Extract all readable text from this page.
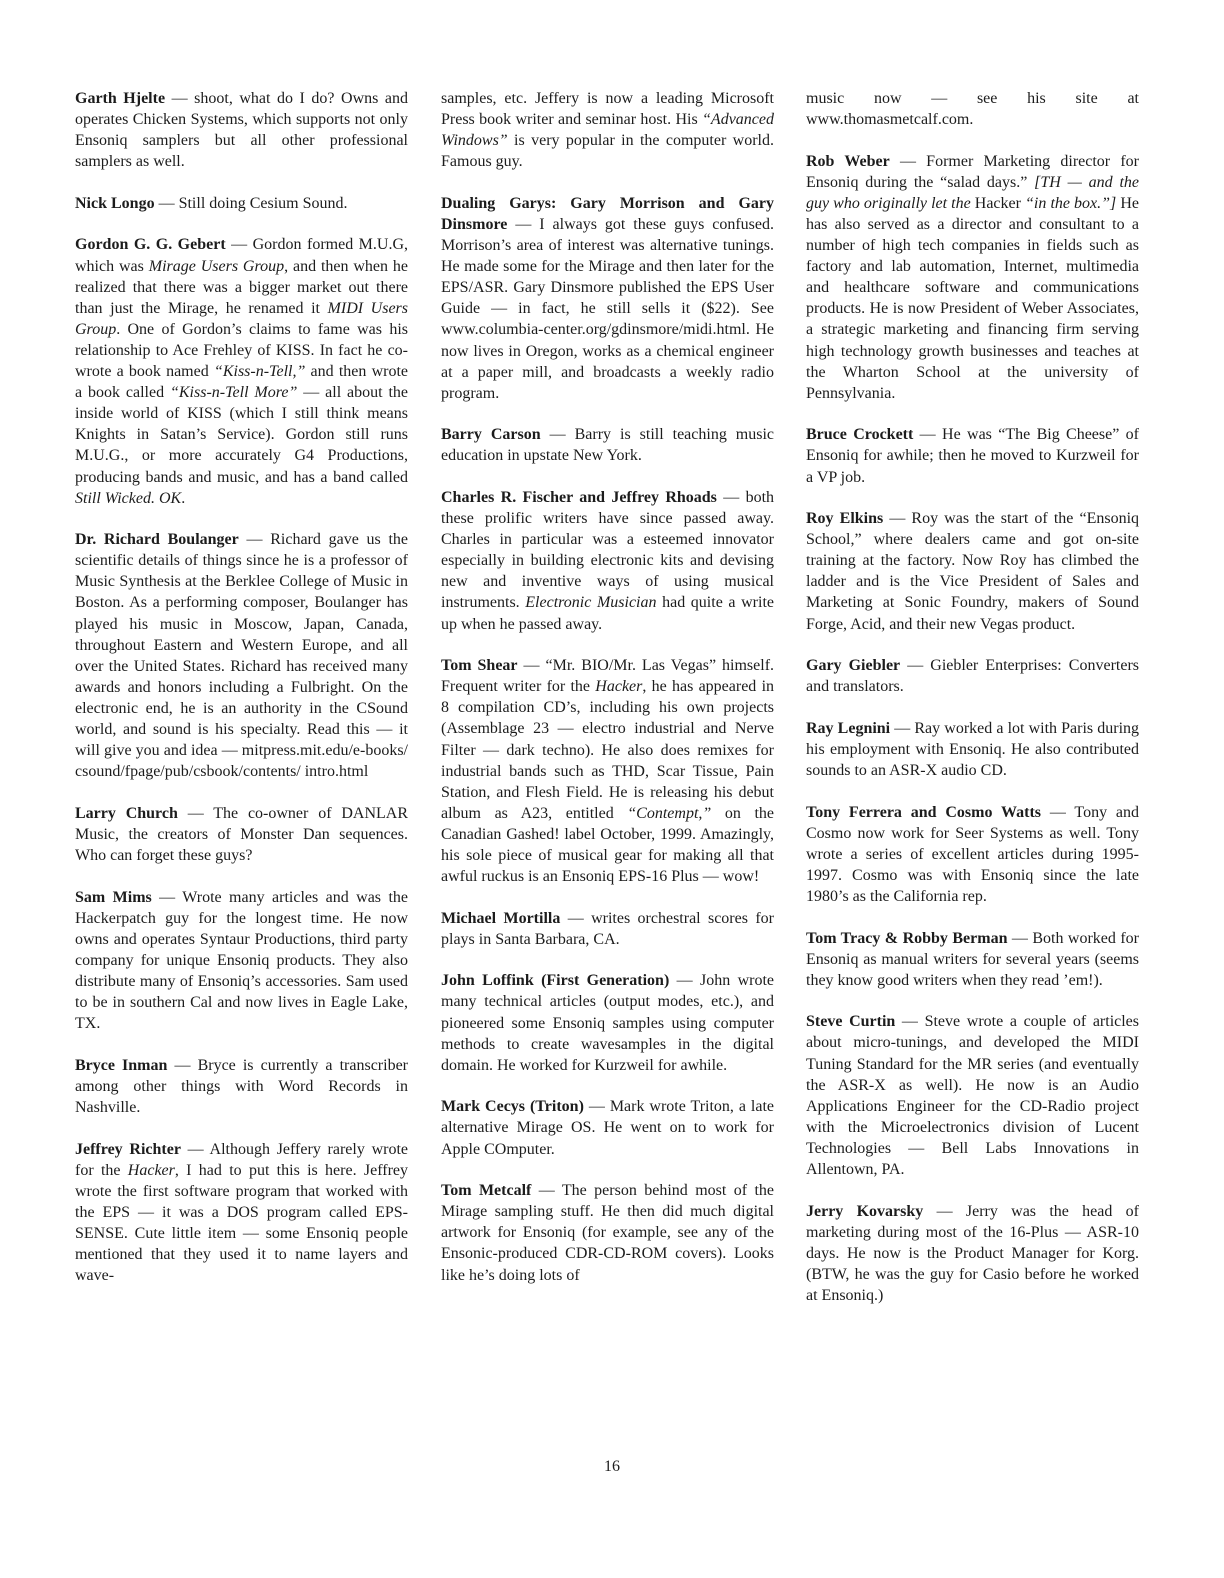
Garth Hjelte — shoot, what do I do? Owns and operates Chicken Systems, which supports not only Ensoniq samplers but all other professional samplers as well.

Nick Longo — Still doing Cesium Sound.

Gordon G. G. Gebert — Gordon formed M.U.G, which was Mirage Users Group, and then when he realized that there was a bigger market out there than just the Mirage, he renamed it MIDI Users Group. One of Gordon’s claims to fame was his relationship to Ace Frehley of KISS. In fact he co-wrote a book named “Kiss-n-Tell,” and then wrote a book called “Kiss-n-Tell More” — all about the inside world of KISS (which I still think means Knights in Satan’s Service). Gordon still runs M.U.G., or more accurately G4 Productions, producing bands and music, and has a band called Still Wicked. OK.

Dr. Richard Boulanger — Richard gave us the scientific details of things since he is a professor of Music Synthesis at the Berklee College of Music in Boston. As a performing composer, Boulanger has played his music in Moscow, Japan, Canada, throughout Eastern and Western Europe, and all over the United States. Richard has received many awards and honors including a Fulbright. On the electronic end, he is an authority in the CSound world, and sound is his specialty. Read this — it will give you and idea — mitpress.mit.edu/e-books/ csound/fpage/pub/csbook/contents/ intro.html

Larry Church — The co-owner of DANLAR Music, the creators of Monster Dan sequences. Who can forget these guys?

Sam Mims — Wrote many articles and was the Hackerpatch guy for the longest time. He now owns and operates Syntaur Productions, third party company for unique Ensoniq products. They also distribute many of Ensoniq’s accessories. Sam used to be in southern Cal and now lives in Eagle Lake, TX.

Bryce Inman — Bryce is currently a transcriber among other things with Word Records in Nashville.

Jeffrey Richter — Although Jeffery rarely wrote for the Hacker, I had to put this is here. Jeffrey wrote the first software program that worked with the EPS — it was a DOS program called EPS-SENSE. Cute little item — some Ensoniq people mentioned that they used it to name layers and wave-

samples, etc. Jeffery is now a leading Microsoft Press book writer and seminar host. His “Advanced Windows” is very popular in the computer world. Famous guy.

Dualing Garys: Gary Morrison and Gary Dinsmore — I always got these guys confused. Morrison’s area of interest was alternative tunings. He made some for the Mirage and then later for the EPS/ASR. Gary Dinsmore published the EPS User Guide — in fact, he still sells it ($22). See www.columbia-center.org/gdinsmore/midi.html. He now lives in Oregon, works as a chemical engineer at a paper mill, and broadcasts a weekly radio program.

Barry Carson — Barry is still teaching music education in upstate New York.

Charles R. Fischer and Jeffrey Rhoads — both these prolific writers have since passed away. Charles in particular was a esteemed innovator especially in building electronic kits and devising new and inventive ways of using musical instruments. Electronic Musician had quite a write up when he passed away.

Tom Shear — “Mr. BIO/Mr. Las Vegas” himself. Frequent writer for the Hacker, he has appeared in 8 compilation CD’s, including his own projects (Assemblage 23 — electro industrial and Nerve Filter — dark techno). He also does remixes for industrial bands such as THD, Scar Tissue, Pain Station, and Flesh Field. He is releasing his debut album as A23, entitled “Contempt,” on the Canadian Gashed! label October, 1999. Amazingly, his sole piece of musical gear for making all that awful ruckus is an Ensoniq EPS-16 Plus — wow!

Michael Mortilla — writes orchestral scores for plays in Santa Barbara, CA.

John Loffink (First Generation) — John wrote many technical articles (output modes, etc.), and pioneered some Ensoniq samples using computer methods to create wavesamples in the digital domain. He worked for Kurzweil for awhile.

Mark Cecys (Triton) — Mark wrote Triton, a late alternative Mirage OS. He went on to work for Apple COmputer.

Tom Metcalf — The person behind most of the Mirage sampling stuff. He then did much digital artwork for Ensoniq (for example, see any of the Ensonic-produced CDR-CD-ROM covers). Looks like he’s doing lots of

music now — see his site at www.thomasmetcalf.com.

Rob Weber — Former Marketing director for Ensoniq during the “salad days.” [TH — and the guy who originally let the Hacker “in the box.”] He has also served as a director and consultant to a number of high tech companies in fields such as factory and lab automation, Internet, multimedia and healthcare software and communications products. He is now President of Weber Associates, a strategic marketing and financing firm serving high technology growth businesses and teaches at the Wharton School at the university of Pennsylvania.

Bruce Crockett — He was “The Big Cheese” of Ensoniq for awhile; then he moved to Kurzweil for a VP job.

Roy Elkins — Roy was the start of the “Ensoniq School,” where dealers came and got on-site training at the factory. Now Roy has climbed the ladder and is the Vice President of Sales and Marketing at Sonic Foundry, makers of Sound Forge, Acid, and their new Vegas product.

Gary Giebler — Giebler Enterprises: Converters and translators.

Ray Legnini — Ray worked a lot with Paris during his employment with Ensoniq. He also contributed sounds to an ASR-X audio CD.

Tony Ferrera and Cosmo Watts — Tony and Cosmo now work for Seer Systems as well. Tony wrote a series of excellent articles during 1995-1997. Cosmo was with Ensoniq since the late 1980’s as the California rep.

Tom Tracy & Robby Berman — Both worked for Ensoniq as manual writers for several years (seems they know good writers when they read ’em!).

Steve Curtin — Steve wrote a couple of articles about micro-tunings, and developed the MIDI Tuning Standard for the MR series (and eventually the ASR-X as well). He now is an Audio Applications Engineer for the CD-Radio project with the Microelectronics division of Lucent Technologies — Bell Labs Innovations in Allentown, PA.

Jerry Kovarsky — Jerry was the head of marketing during most of the 16-Plus — ASR-10 days. He now is the Product Manager for Korg. (BTW, he was the guy for Casio before he worked at Ensoniq.)

16
